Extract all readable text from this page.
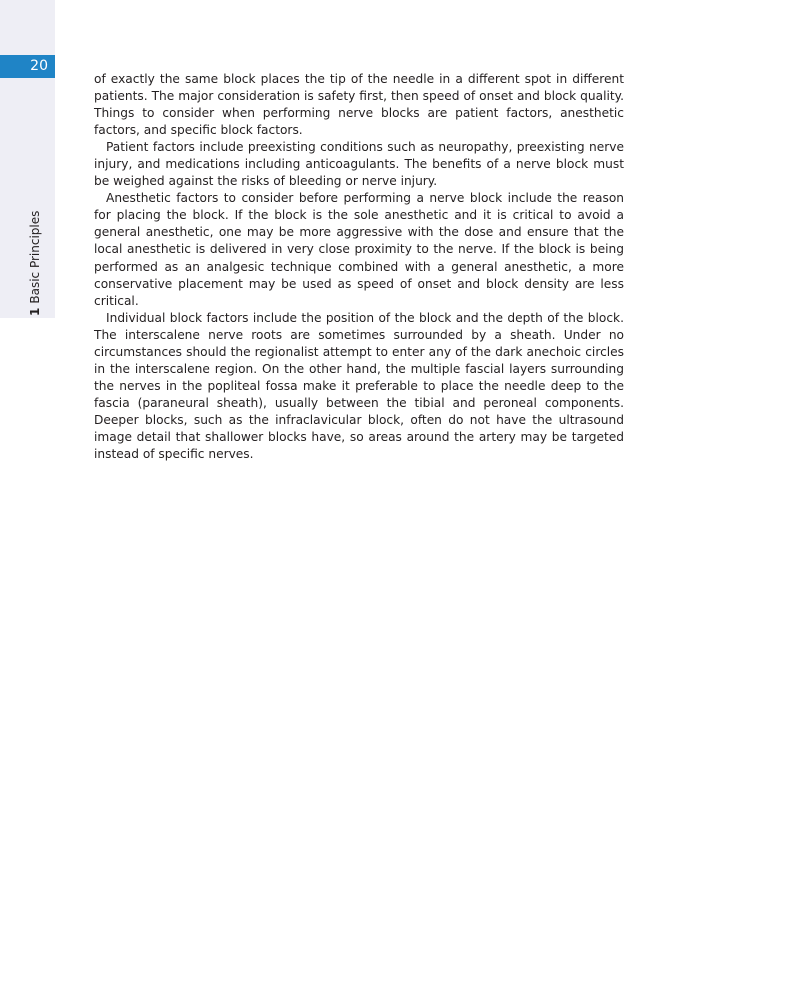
20
1Basic Principles

of exactly the same block places the tip of the needle in a different spot in different patients. The major consideration is safety first, then speed of onset and block quality. Things to consider when performing nerve blocks are patient factors, anesthetic factors, and specific block factors.

Patient factors include preexisting conditions such as neuropathy, preexisting nerve injury, and medications including anticoagulants. The benefits of a nerve block must be weighed against the risks of bleeding or nerve injury.

Anesthetic factors to consider before performing a nerve block include the reason for placing the block. If the block is the sole anesthetic and it is critical to avoid a general anesthetic, one may be more aggressive with the dose and ensure that the local anesthetic is delivered in very close proximity to the nerve. If the block is being performed as an analgesic technique combined with a general anesthetic, a more conservative placement may be used as speed of onset and block density are less critical.

Individual block factors include the position of the block and the depth of the block. The interscalene nerve roots are sometimes surrounded by a sheath. Under no circumstances should the regionalist attempt to enter any of the dark anechoic circles in the interscalene region. On the other hand, the multiple fascial layers surrounding the nerves in the popliteal fossa make it preferable to place the needle deep to the fascia (paraneural sheath), usually between the tibial and peroneal components. Deeper blocks, such as the infraclavicular block, often do not have the ultrasound image detail that shallower blocks have, so areas around the artery may be targeted instead of specific nerves.
